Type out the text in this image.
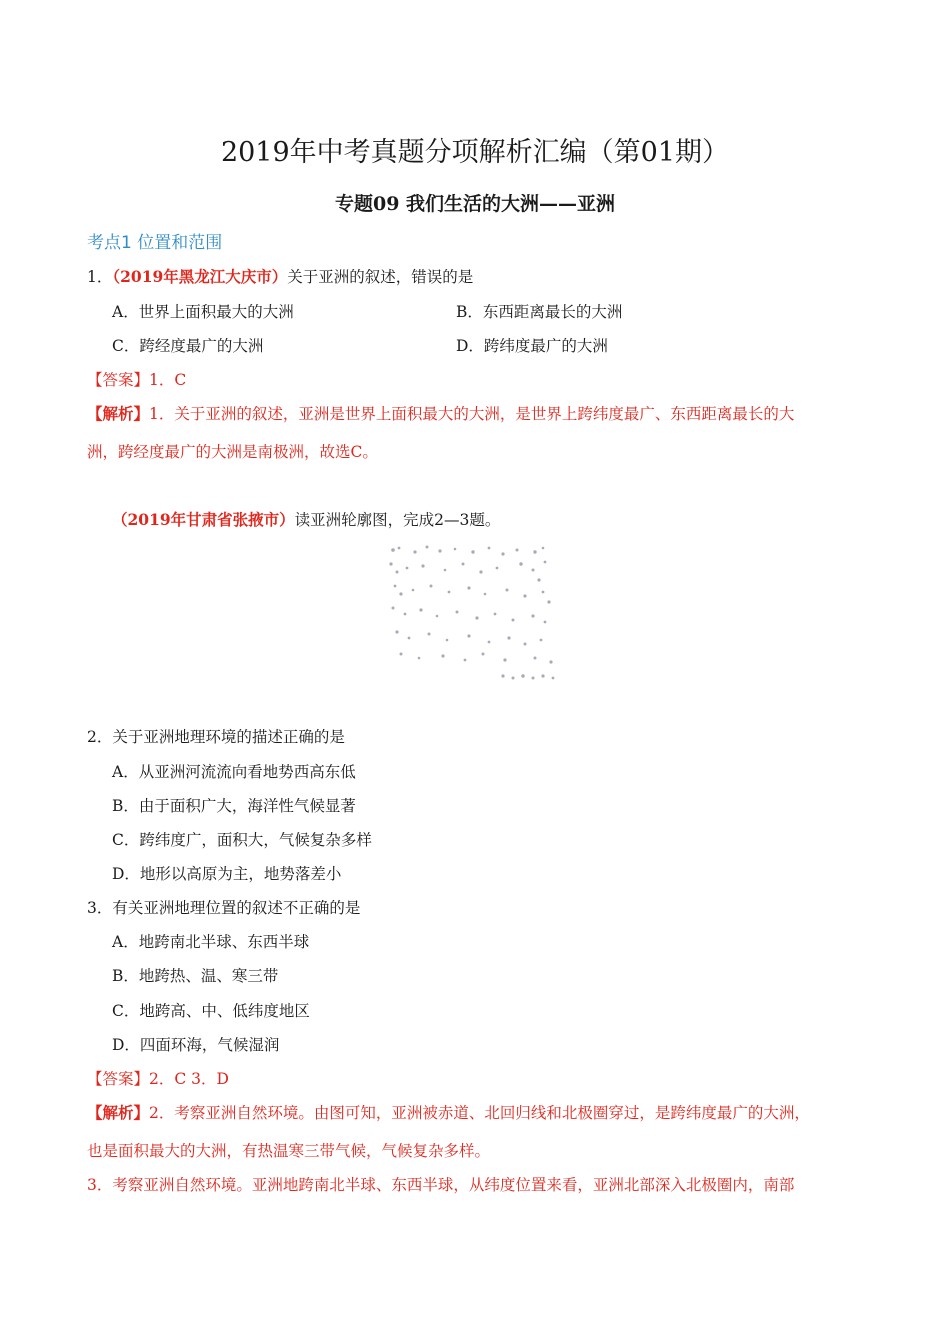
2019年中考真题分项解析汇编（第01期）
专题09 我们生活的大洲——亚洲
考点1 位置和范围
1．（2019年黑龙江大庆市）关于亚洲的叙述，错误的是
A．世界上面积最大的大洲	B．东西距离最长的大洲
C．跨经度最广的大洲	D．跨纬度最广的大洲
【答案】1．C
【解析】1．关于亚洲的叙述，亚洲是世界上面积最大的大洲，是世界上跨纬度最广、东西距离最长的大
洲，跨经度最广的大洲是南极洲，故选C。
（2019年甘肃省张掖市）读亚洲轮廓图，完成2—3题。
2．关于亚洲地理环境的描述正确的是
A．从亚洲河流流向看地势西高东低
B．由于面积广大，海洋性气候显著
C．跨纬度广，面积大，气候复杂多样
D．地形以高原为主，地势落差小
3．有关亚洲地理位置的叙述不正确的是
A．地跨南北半球、东西半球
B．地跨热、温、寒三带
C．地跨高、中、低纬度地区
D．四面环海，气候湿润
【答案】2．C 3．D
【解析】2．考察亚洲自然环境。由图可知，亚洲被赤道、北回归线和北极圈穿过，是跨纬度最广的大洲，
也是面积最大的大洲，有热温寒三带气候，气候复杂多样。
3．考察亚洲自然环境。亚洲地跨南北半球、东西半球，从纬度位置来看，亚洲北部深入北极圈内，南部
